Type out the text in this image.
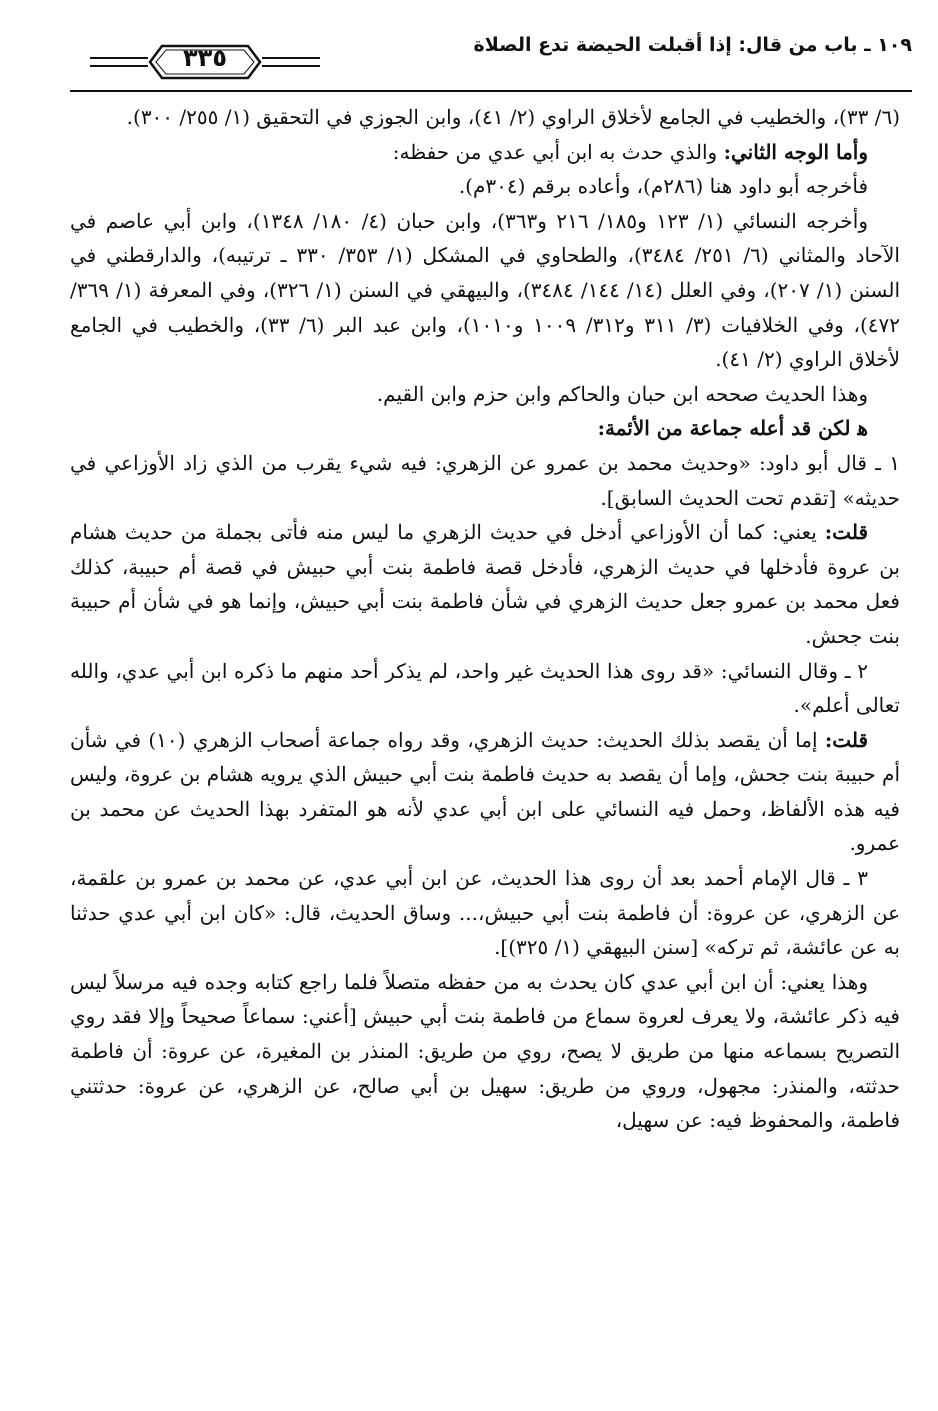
١٠٩ ـ باب من قال: إذا أقبلت الحيضة تدع الصلاة
٣٣٥

(٦/ ٣٣)، والخطيب في الجامع لأخلاق الراوي (٢/ ٤١)، وابن الجوزي في التحقيق (١/ ٢٥٥/ ٣٠٠).

وأما الوجه الثاني: والذي حدث به ابن أبي عدي من حفظه:

فأخرجه أبو داود هنا (٢٨٦م)، وأعاده برقم (٣٠٤م).

وأخرجه النسائي (١/ ١٢٣ و١٨٥/ ٢١٦ و٣٦٣)، وابن حبان (٤/ ١٨٠/ ١٣٤٨)، وابن أبي عاصم في الآحاد والمثاني (٦/ ٢٥١/ ٣٤٨٤)، والطحاوي في المشكل (١/ ٣٥٣/ ٣٣٠ ـ ترتيبه)، والدارقطني في السنن (١/ ٢٠٧)، وفي العلل (١٤/ ١٤٤/ ٣٤٨٤)، والبيهقي في السنن (١/ ٣٢٦)، وفي المعرفة (١/ ٣٦٩/ ٤٧٢)، وفي الخلافيات (٣/ ٣١١ و٣١٢/ ١٠٠٩ و١٠١٠)، وابن عبد البر (٦/ ٣٣)، والخطيب في الجامع لأخلاق الراوي (٢/ ٤١).

وهذا الحديث صححه ابن حبان والحاكم وابن حزم وابن القيم.

ﻫ لكن قد أعله جماعة من الأئمة:

١ ـ قال أبو داود: «وحديث محمد بن عمرو عن الزهري: فيه شيء يقرب من الذي زاد الأوزاعي في حديثه» [تقدم تحت الحديث السابق].

قلت: يعني: كما أن الأوزاعي أدخل في حديث الزهري ما ليس منه فأتى بجملة من حديث هشام بن عروة فأدخلها في حديث الزهري، فأدخل قصة فاطمة بنت أبي حبيش في قصة أم حبيبة، كذلك فعل محمد بن عمرو جعل حديث الزهري في شأن فاطمة بنت أبي حبيش، وإنما هو في شأن أم حبيبة بنت جحش.

٢ ـ وقال النسائي: «قد روى هذا الحديث غير واحد، لم يذكر أحد منهم ما ذكره ابن أبي عدي، والله تعالى أعلم».

قلت: إما أن يقصد بذلك الحديث: حديث الزهري، وقد رواه جماعة أصحاب الزهري (١٠) في شأن أم حبيبة بنت جحش، وإما أن يقصد به حديث فاطمة بنت أبي حبيش الذي يرويه هشام بن عروة، وليس فيه هذه الألفاظ، وحمل فيه النسائي على ابن أبي عدي لأنه هو المتفرد بهذا الحديث عن محمد بن عمرو.

٣ ـ قال الإمام أحمد بعد أن روى هذا الحديث، عن ابن أبي عدي، عن محمد بن عمرو بن علقمة، عن الزهري، عن عروة: أن فاطمة بنت أبي حبيش،... وساق الحديث، قال: «كان ابن أبي عدي حدثنا به عن عائشة، ثم تركه» [سنن البيهقي (١/ ٣٢٥)].

وهذا يعني: أن ابن أبي عدي كان يحدث به من حفظه متصلاً فلما راجع كتابه وجده فيه مرسلاً ليس فيه ذكر عائشة، ولا يعرف لعروة سماع من فاطمة بنت أبي حبيش [أعني: سماعاً صحيحاً وإلا فقد روي التصريح بسماعه منها من طريق لا يصح، روي من طريق: المنذر بن المغيرة، عن عروة: أن فاطمة حدثته، والمنذر: مجهول، وروي من طريق: سهيل بن أبي صالح، عن الزهري، عن عروة: حدثتني فاطمة، والمحفوظ فيه: عن سهيل،
